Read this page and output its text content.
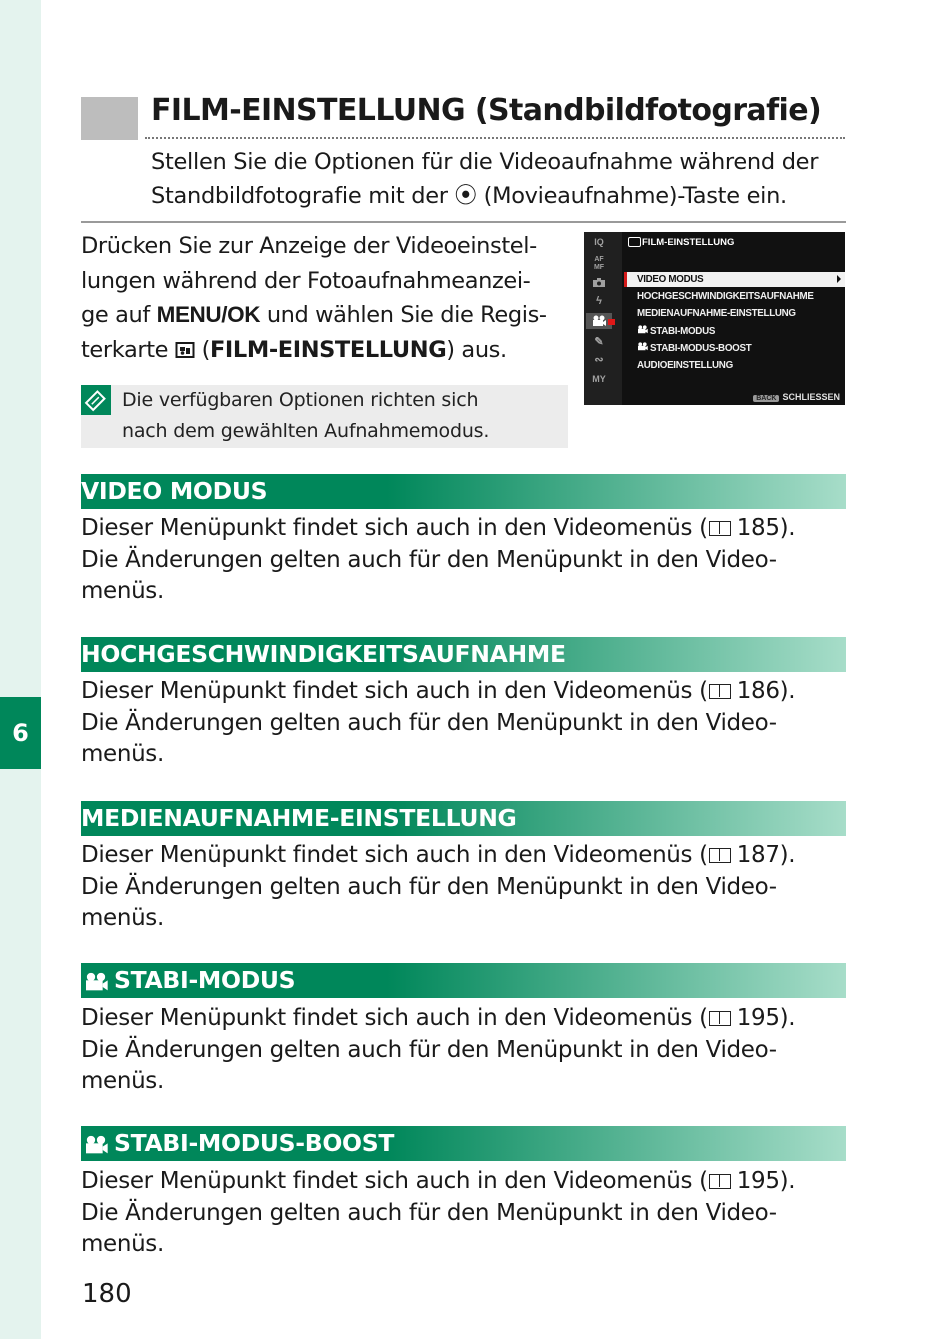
6
FILM-EINSTELLUNG (Standbildfotografie)
Stellen Sie die Optionen für die Videoaufnahme während der
Standbildfotografie mit der ⦿ (Movieaufnahme)-Taste ein.
Drücken Sie zur Anzeige der Videoeinstel-
lungen während der Fotoaufnahmeanzei-
ge auf MENU/OK und wählen Sie die Regis-
terkarte  (FILM-EINSTELLUNG) aus.
Die verfügbaren Optionen richten sich
nach dem gewählten Aufnahmemodus.
IQ
AF
MF
ϟ
✎
∾
MY
FILM-EINSTELLUNG
VIDEO MODUS
HOCHGESCHWINDIGKEITSAUFNAHME
MEDIENAUFNAHME-EINSTELLUNG
STABI-MODUS
STABI-MODUS-BOOST
AUDIOEINSTELLUNG
BACK SCHLIESSEN
VIDEO MODUS
Dieser Menüpunkt findet sich auch in den Videomenüs ( 185).
Die Änderungen gelten auch für den Menüpunkt in den Video-
menüs.
HOCHGESCHWINDIGKEITSAUFNAHME
Dieser Menüpunkt findet sich auch in den Videomenüs ( 186).
Die Änderungen gelten auch für den Menüpunkt in den Video-
menüs.
MEDIENAUFNAHME-EINSTELLUNG
Dieser Menüpunkt findet sich auch in den Videomenüs ( 187).
Die Änderungen gelten auch für den Menüpunkt in den Video-
menüs.
STABI-MODUS
Dieser Menüpunkt findet sich auch in den Videomenüs ( 195).
Die Änderungen gelten auch für den Menüpunkt in den Video-
menüs.
STABI-MODUS-BOOST
Dieser Menüpunkt findet sich auch in den Videomenüs ( 195).
Die Änderungen gelten auch für den Menüpunkt in den Video-
menüs.
180
